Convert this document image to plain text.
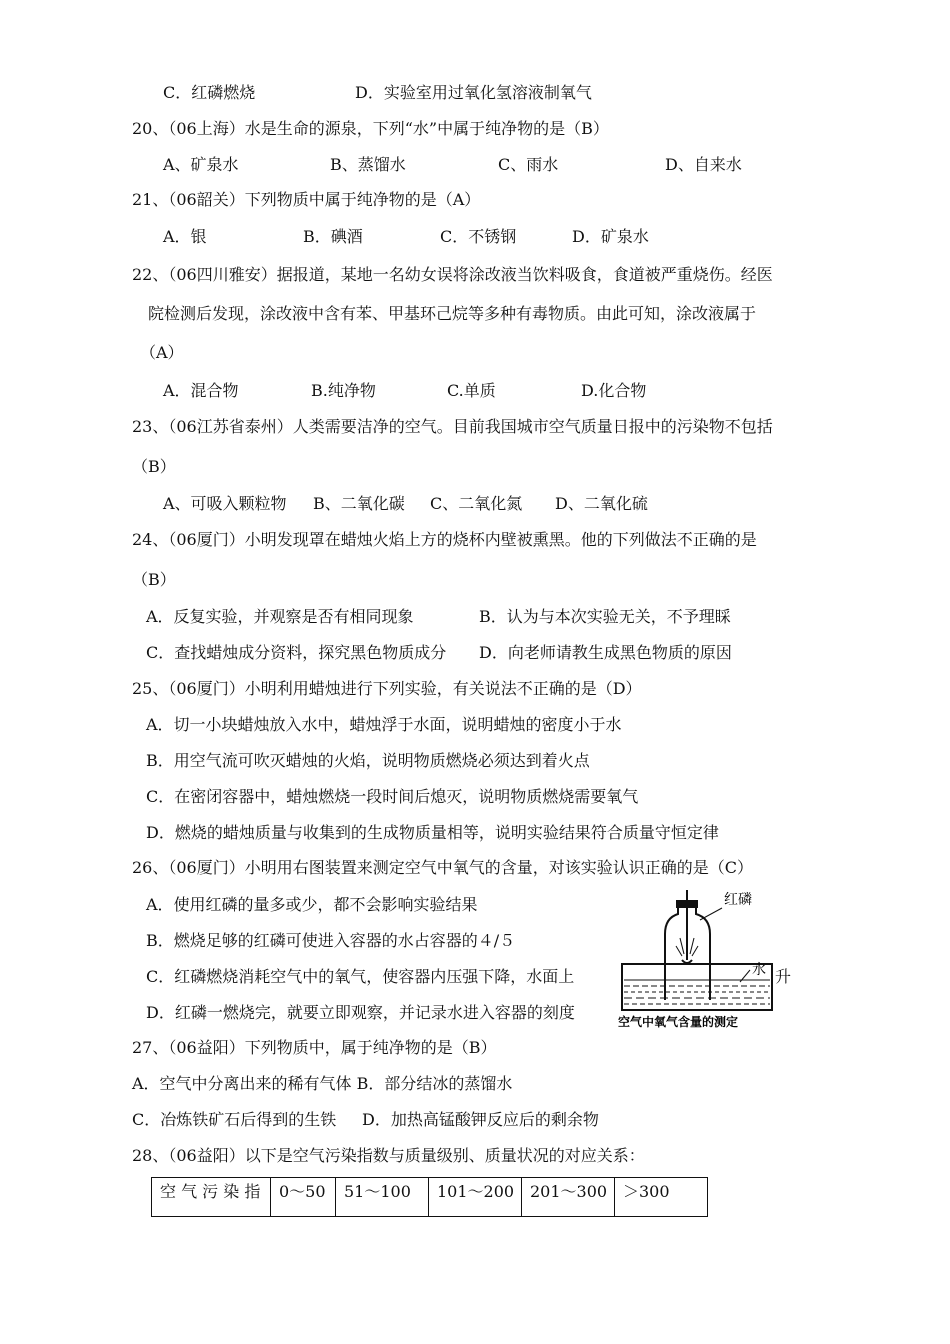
C．红磷燃烧	D．实验室用过氧化氢溶液制氧气
20、（06上海）水是生命的源泉，下列“水”中属于纯净物的是（B）
A、矿泉水	B、蒸馏水	C、雨水	D、自来水
21、（06韶关）下列物质中属于纯净物的是（A）
A．银	B．碘酒	C．不锈钢	D．矿泉水
22、（06四川雅安）据报道，某地一名幼女误将涂改液当饮料吸食，食道被严重烧伤。经医
院检测后发现，涂改液中含有苯、甲基环己烷等多种有毒物质。由此可知，涂改液属于
（A）
A．混合物	B.纯净物	C.单质	D.化合物
23、（06江苏省泰州）人类需要洁净的空气。目前我国城市空气质量日报中的污染物不包括
（B）
A、可吸入颗粒物 B、二氧化碳 C、二氧化氮 D、二氧化硫
24、（06厦门）小明发现罩在蜡烛火焰上方的烧杯内壁被熏黑。他的下列做法不正确的是
（B）
A．反复实验，并观察是否有相同现象	B．认为与本次实验无关，不予理睬
C．查找蜡烛成分资料，探究黑色物质成分 D．向老师请教生成黑色物质的原因
25、（06厦门）小明利用蜡烛进行下列实验，有关说法不正确的是（D）
A．切一小块蜡烛放入水中，蜡烛浮于水面，说明蜡烛的密度小于水
B．用空气流可吹灭蜡烛的火焰，说明物质燃烧必须达到着火点
C．在密闭容器中，蜡烛燃烧一段时间后熄灭，说明物质燃烧需要氧气
D．燃烧的蜡烛质量与收集到的生成物质量相等，说明实验结果符合质量守恒定律
26、（06厦门）小明用右图装置来测定空气中氧气的含量，对该实验认识正确的是（C）
A．使用红磷的量多或少，都不会影响实验结果
B．燃烧足够的红磷可使进入容器的水占容器的４/５
C．红磷燃烧消耗空气中的氧气，使容器内压强下降，水面上	升
D．红磷一燃烧完，就要立即观察，并记录水进入容器的刻度
红磷
水
空气中氧气含量的测定
27、（06益阳）下列物质中，属于纯净物的是（B）
A．空气中分离出来的稀有气体 B．部分结冰的蒸馏水
C．冶炼铁矿石后得到的生铁 D．加热高锰酸钾反应后的剩余物
28、（06益阳）以下是空气污染指数与质量级别、质量状况的对应关系：
空 气 污 染 指	0～50	51～100	101～200	201～300	＞300
